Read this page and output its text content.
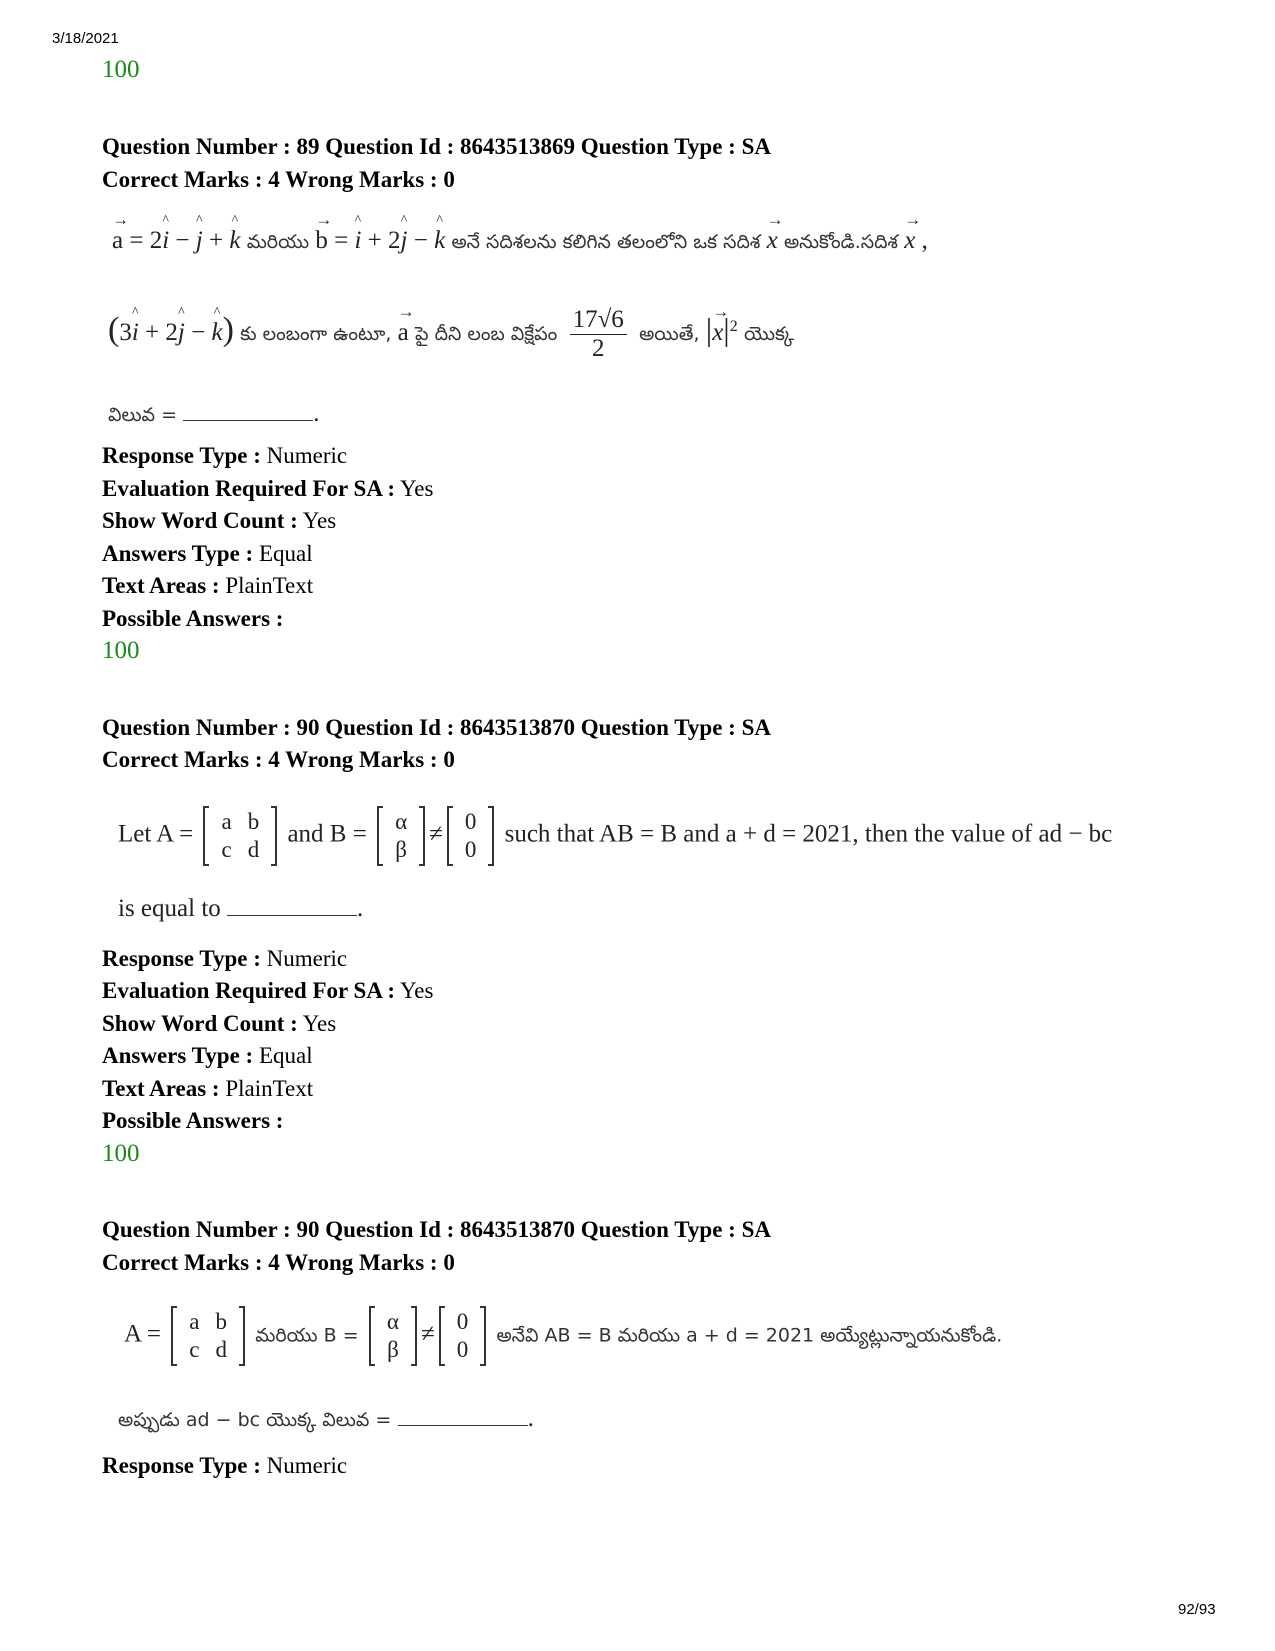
3/18/2021
100
Question Number : 89 Question Id : 8643513869 Question Type : SA
Correct Marks : 4 Wrong Marks : 0
→
a = 2
^
i −
^
j +
^
k మరియు
→
b =
^
i + 2
^
j −
^
k అనే సదిశలను కలిగిన తలంలోని ఒక సదిశ
→
x అనుకోండి.సదిశ
→
x ,
(3
^
i + 2
^
j −
^
k) కు లంబంగా ఉంటూ,
→
a పై దీని లంబ విక్షేపం $\frac{17√6}{2}$ అయితే, | →
$x|^2$ యొక్క
విలువ =	.
Response Type : Numeric
Evaluation Required For SA : Yes
Show Word Count : Yes
Answers Type : Equal
Text Areas : PlainText
Possible Answers :
100
Question Number : 90 Question Id : 8643513870 Question Type : SA
Correct Marks : 4 Wrong Marks : 0
Let A = a	b
c	d
and B = α
β
≠ 0
0
such that AB = B and a + d = 2021, then the value of ad − bc
is equal to	.
Response Type : Numeric
Evaluation Required For SA : Yes
Show Word Count : Yes
Answers Type : Equal
Text Areas : PlainText
Possible Answers :
100
Question Number : 90 Question Id : 8643513870 Question Type : SA
Correct Marks : 4 Wrong Marks : 0
A = a	b
c	d
మరియు B =
α
β
≠ 0
0
అనేవి AB = B మరియు a + d = 2021 అయ్యేట్లున్నాయనుకోండి.
అప్పుడు ad − bc యొక్క విలువ =	.
Response Type : Numeric
92/93
